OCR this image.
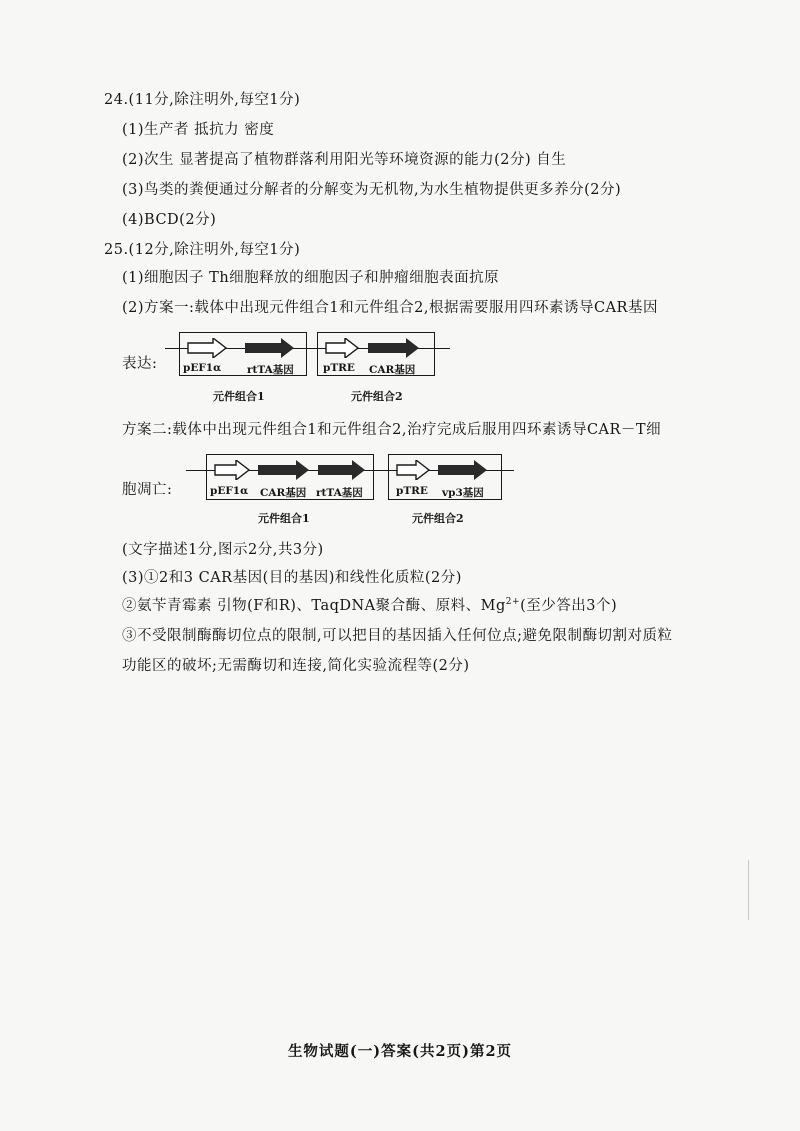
24.(11分,除注明外,每空1分)
(1)生产者 抵抗力 密度
(2)次生 显著提高了植物群落利用阳光等环境资源的能力(2分) 自生
(3)鸟类的粪便通过分解者的分解变为无机物,为水生植物提供更多养分(2分)
(4)BCD(2分)
25.(12分,除注明外,每空1分)
(1)细胞因子 Th细胞释放的细胞因子和肿瘤细胞表面抗原
(2)方案一:载体中出现元件组合1和元件组合2,根据需要服用四环素诱导CAR基因
表达: pEF1α rtTA基因
元件组合1
pTRE CAR基因
元件组合2
方案二:载体中出现元件组合1和元件组合2,治疗完成后服用四环素诱导CAR－T细
胞凋亡:	pEF1α CAR基因 rtTA基因
元件组合1
pTRE vp3基因
元件组合2
(文字描述1分,图示2分,共3分)
(3)①2和3 CAR基因(目的基因)和线性化质粒(2分)
②氨苄青霉素 引物(F和R)、TaqDNA聚合酶、原料、$Mg^{2+}$(至少答出3个)
③不受限制酶酶切位点的限制,可以把目的基因插入任何位点;避免限制酶切割对质粒
功能区的破坏;无需酶切和连接,简化实验流程等(2分)
生物试题(一)答案(共2页)第2页
